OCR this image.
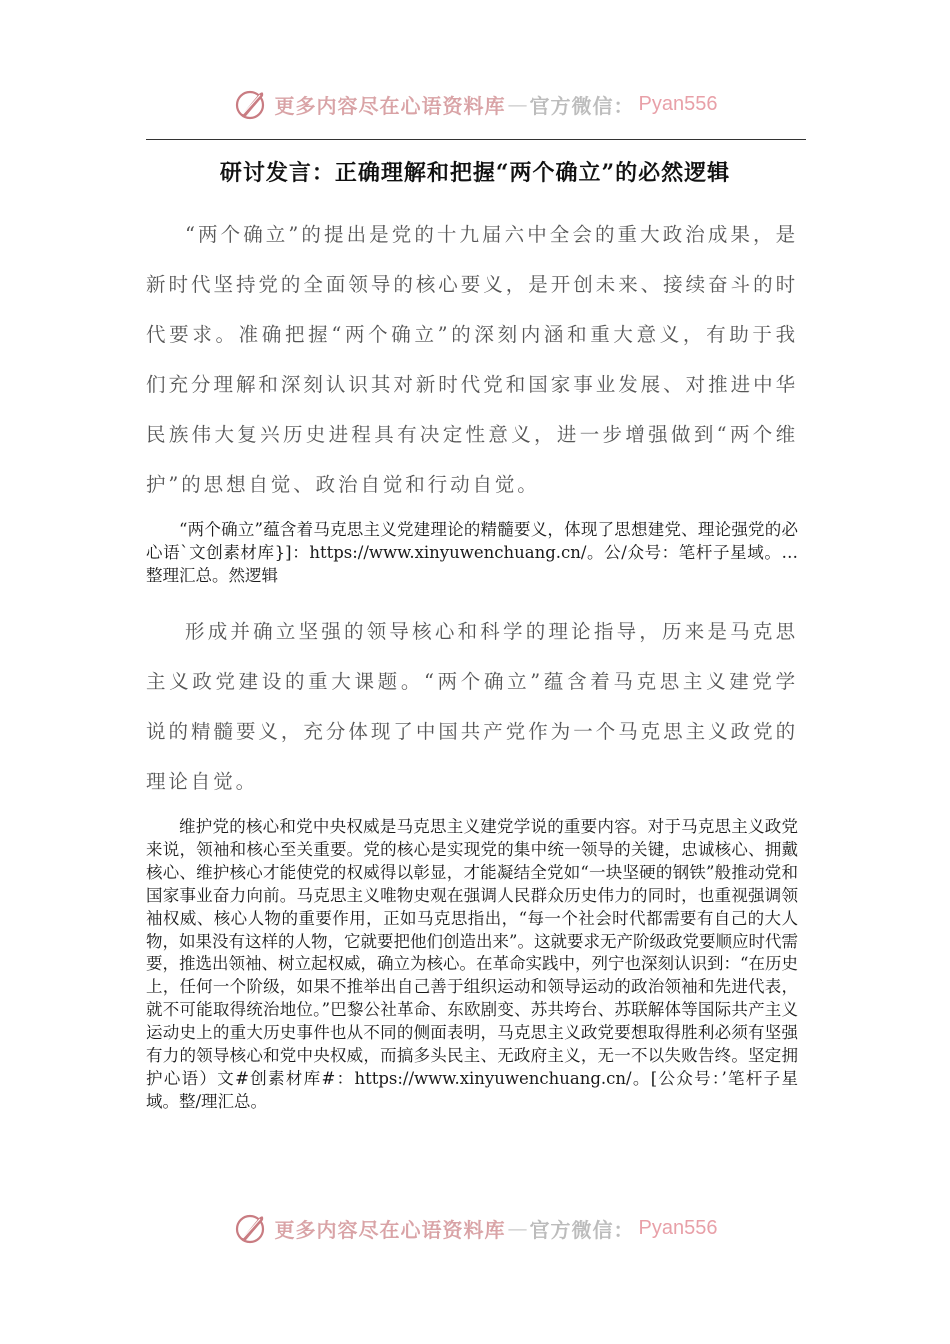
更多内容尽在心语资料库 — 官方微信： Pyan556
研讨发言：正确理解和把握“两个确立”的必然逻辑

“两个确立”的提出是党的十九届六中全会的重大政治成果，是新时代坚持党的全面领导的核心要义，是开创未来、接续奋斗的时代要求。准确把握“两个确立”的深刻内涵和重大意义，有助于我们充分理解和深刻认识其对新时代党和国家事业发展、对推进中华民族伟大复兴历史进程具有决定性意义，进一步增强做到“两个维护”的思想自觉、政治自觉和行动自觉。

“两个确立”蕴含着马克思主义党建理论的精髓要义，体现了思想建党、理论强党的必心语`文创素材库}]：https://www.xinyuwenchuang.cn/。公/众号：笔杆子星域。…整理汇总。然逻辑

形成并确立坚强的领导核心和科学的理论指导，历来是马克思主义政党建设的重大课题。“两个确立”蕴含着马克思主义建党学说的精髓要义，充分体现了中国共产党作为一个马克思主义政党的理论自觉。

维护党的核心和党中央权威是马克思主义建党学说的重要内容。对于马克思主义政党来说，领袖和核心至关重要。党的核心是实现党的集中统一领导的关键，忠诚核心、拥戴核心、维护核心才能使党的权威得以彰显，才能凝结全党如“一块坚硬的钢铁”般推动党和国家事业奋力向前。马克思主义唯物史观在强调人民群众历史伟力的同时，也重视强调领袖权威、核心人物的重要作用，正如马克思指出，“每一个社会时代都需要有自己的大人物，如果没有这样的人物，它就要把他们创造出来”。这就要求无产阶级政党要顺应时代需要，推选出领袖、树立起权威，确立为核心。在革命实践中，列宁也深刻认识到：“在历史上，任何一个阶级，如果不推举出自己善于组织运动和领导运动的政治领袖和先进代表，就不可能取得统治地位。”巴黎公社革命、东欧剧变、苏共垮台、苏联解体等国际共产主义运动史上的重大历史事件也从不同的侧面表明，马克思主义政党要想取得胜利必须有坚强有力的领导核心和党中央权威，而搞多头民主、无政府主义，无一不以失败告终。坚定拥护心语）文#创素材库#：https://www.xinyuwenchuang.cn/。[公众号：’笔杆子星域。整/理汇总。

更多内容尽在心语资料库 — 官方微信： Pyan556
